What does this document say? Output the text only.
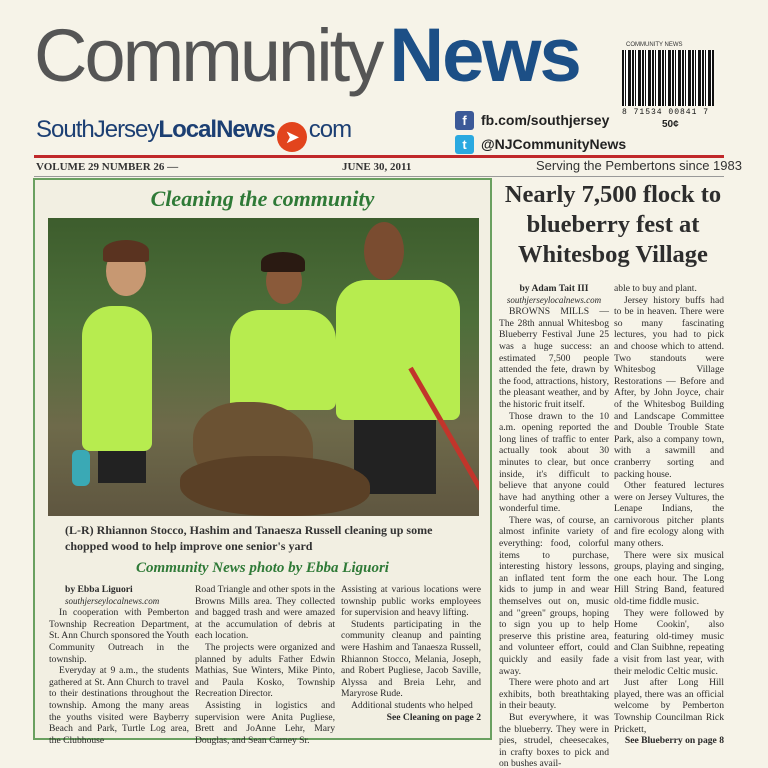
Community News
SouthJerseyLocalNews ➤ com	f	fb.com/southjersey
t	@NJCommunityNews
COMMUNITY NEWS
8 71534 00841 7
50¢
VOLUME 29 NUMBER 26 —	JUNE 30, 2011	Serving the Pembertons since 1983
Cleaning the community
(L-R) Rhiannon Stocco, Hashim and Tanaesza Russell cleaning up some chopped wood to help improve one senior's yard
Community News photo by Ebba Liguori
by Ebba Liguori
southjerseylocalnews.com

In cooperation with Pemberton Township Recreation Department, St. Ann Church sponsored the Youth Community Outreach in the township.

Everyday at 9 a.m., the students gathered at St. Ann Church to travel to their destinations throughout the township. Among the many areas the youths visited were Bayberry Beach and Park, Turtle Log area, the Clubhouse

Road Triangle and other spots in the Browns Mills area. They collected and bagged trash and were amazed at the accumulation of debris at each location.

The projects were organized and planned by adults Father Edwin Mathias, Sue Winters, Mike Pinto, and Paula Kosko, Township Recreation Director.

Assisting in logistics and supervision were Anita Pugliese, Brett and JoAnne Lehr, Mary Douglas, and Sean Carney Sr.

Assisting at various locations were township public works employees for supervision and heavy lifting.

Students participating in the community cleanup and painting were Hashim and Tanaesza Russell, Rhiannon Stocco, Melania, Joseph, and Robert Pugliese, Jacob Saville, Alyssa and Breia Lehr, and Maryrose Rude.

Additional students who helped

See Cleaning on page 2
Nearly 7,500 flock to blueberry fest at Whitesbog Village
by Adam Tait III
southjerseylocalnews.com

BROWNS MILLS — The 28th annual Whitesbog Blueberry Festival June 25 was a huge success: an estimated 7,500 people attended the fete, drawn by the food, attractions, history, the pleasant weather, and by the historic fruit itself.

Those drawn to the 10 a.m. opening reported the long lines of traffic to enter actually took about 30 minutes to clear, but once inside, it's difficult to believe that anyone could have had anything other a wonderful time.

There was, of course, an almost infinite variety of everything: food, colorful items to purchase, interesting history lessons, an inflated tent form the kids to jump in and wear themselves out on, music and "green" groups, hoping to sign you up to help preserve this pristine area, and volunteer effort, could quickly and easily fade away.

There were photo and art exhibits, both breathtaking in their beauty.

But everywhere, it was the blueberry. They were in pies, strudel, cheesecakes, in crafty boxes to pick and on bushes avail-

able to buy and plant.

Jersey history buffs had to be in heaven. There were so many fascinating lectures, you had to pick and choose which to attend. Two standouts were Whitesbog Village Restorations — Before and After, by John Joyce, chair of the Whitesbog Building and Landscape Committee and Double Trouble State Park, also a company town, with a sawmill and cranberry sorting and packing house.

Other featured lectures were on Jersey Vultures, the Lenape Indians, the carnivorous pitcher plants and fire ecology along with many others.

There were six musical groups, playing and singing, one each hour. The Long Hill String Band, featured old-time fiddle music.

They were followed by Home Cookin', also featuring old-timey music and Clan Suibhne, repeating a visit from last year, with their melodic Celtic music.

Just after Long Hill played, there was an official welcome by Pemberton Township Councilman Rick Prickett,

See Blueberry on page 8
